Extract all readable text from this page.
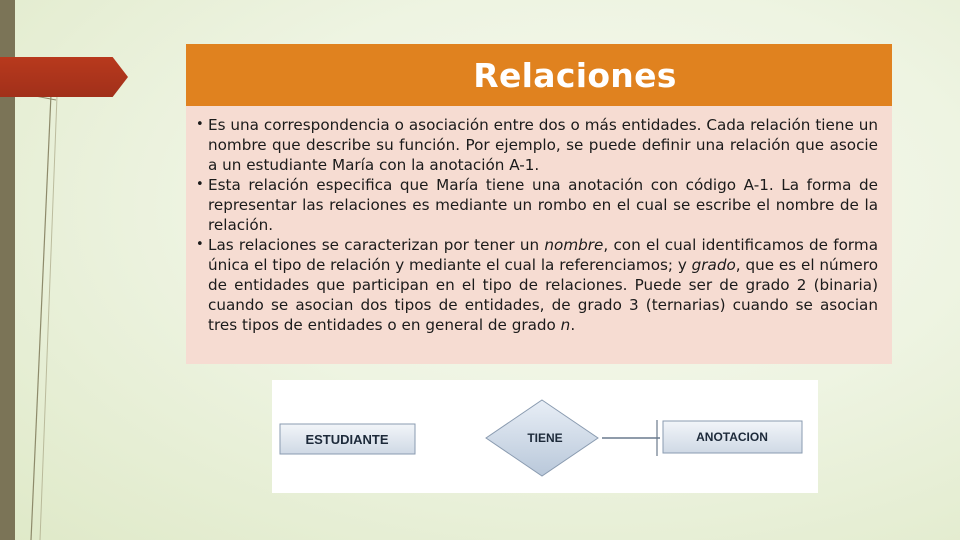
Relaciones
• Es una correspondencia o asociación entre dos o más entidades. Cada relación tiene un nombre que describe su función. Por ejemplo, se puede definir una relación que asocie a un estudiante María con la anotación A-1.
• Esta relación especifica que María tiene una anotación con código A-1. La forma de representar las relaciones es mediante un rombo en el cual se escribe el nombre de la relación.
• Las relaciones se caracterizan por tener un nombre, con el cual identificamos de forma única el tipo de relación y mediante el cual la referenciamos; y grado, que es el número de entidades que participan en el tipo de relaciones. Puede ser de grado 2 (binaria) cuando se asocian dos tipos de entidades, de grado 3 (ternarias) cuando se asocian tres tipos de entidades o en general de grado n.
ESTUDIANTE	TIENE	ANOTACION
